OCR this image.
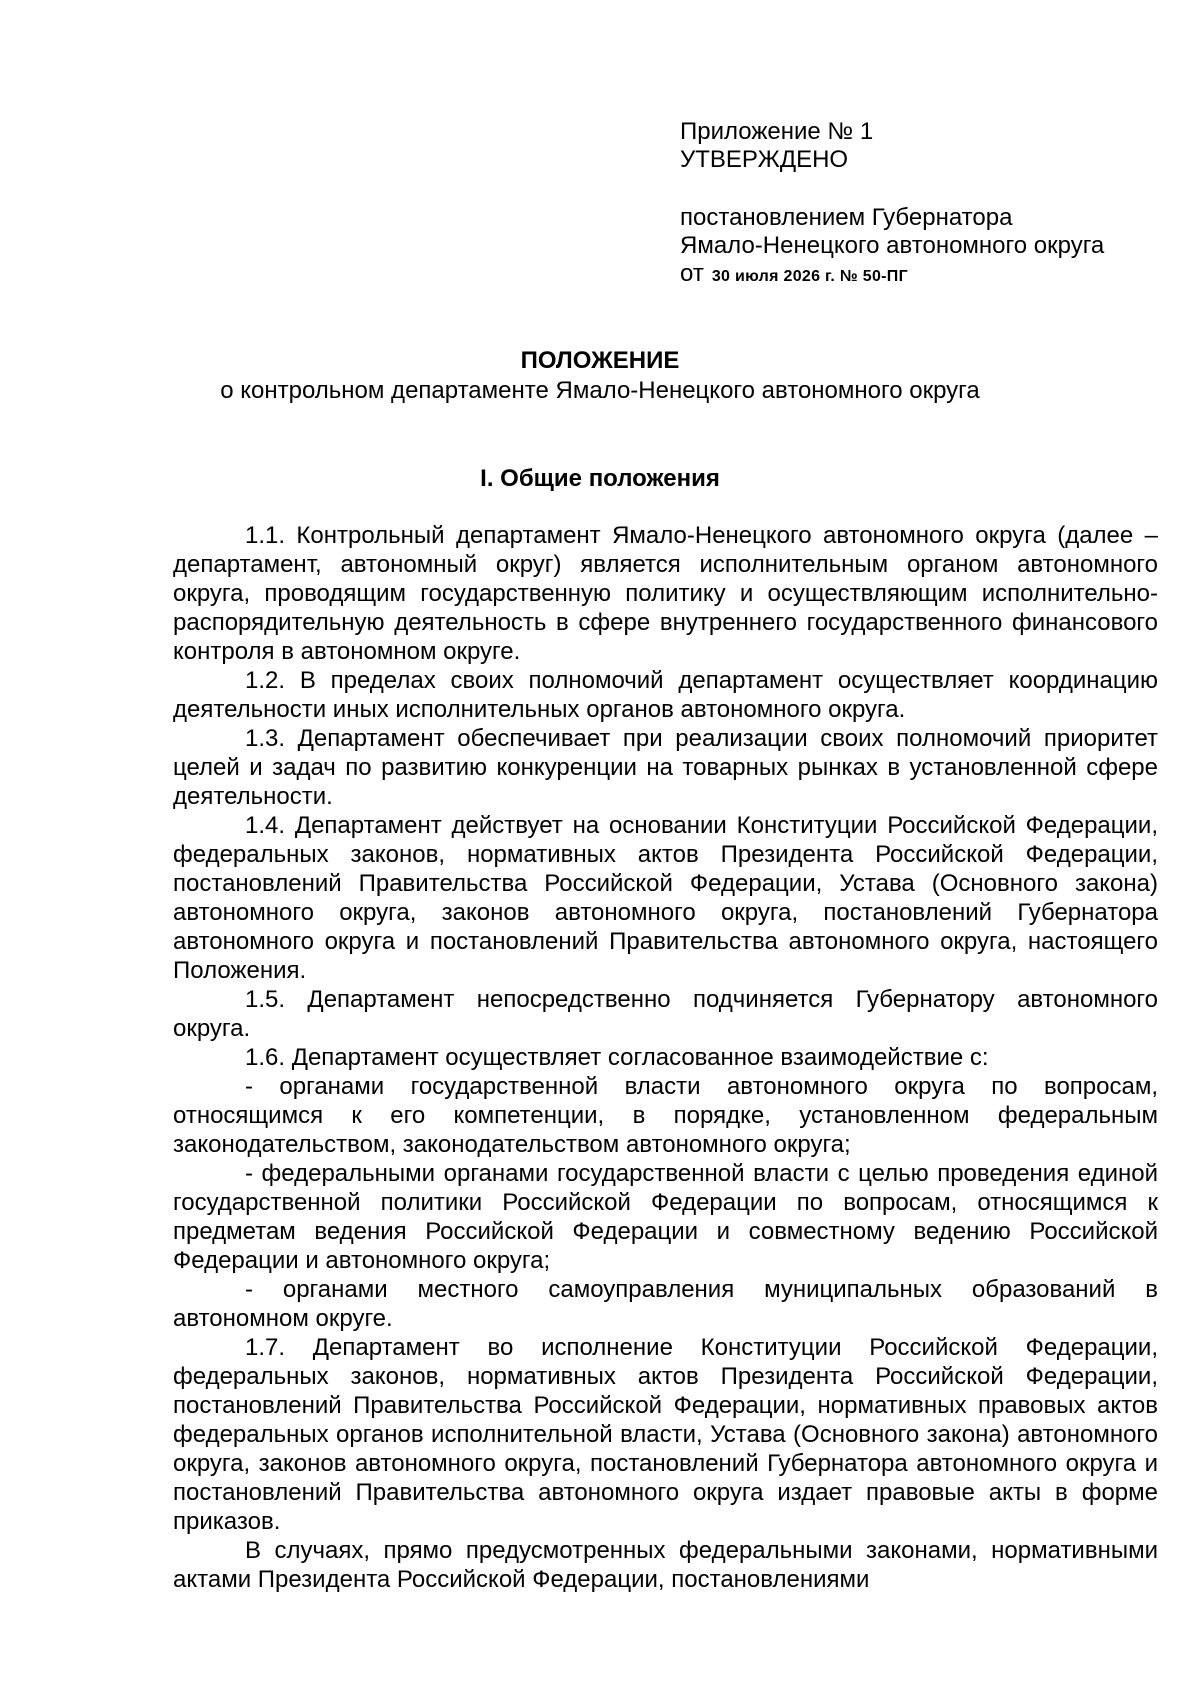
Приложение № 1
УТВЕРЖДЕНО
постановлением Губернатора
Ямало-Ненецкого автономного округа
от 30 июля 2026 г. № 50-ПГ
ПОЛОЖЕНИЕ
о контрольном департаменте Ямало-Ненецкого автономного округа
I. Общие положения

1.1. Контрольный департамент Ямало-Ненецкого автономного округа (далее – департамент, автономный округ) является исполнительным органом автономного округа, проводящим государственную политику и осуществляющим исполнительно-распорядительную деятельность в сфере внутреннего государственного финансового контроля в автономном округе.

1.2. В пределах своих полномочий департамент осуществляет координацию деятельности иных исполнительных органов автономного округа.

1.3. Департамент обеспечивает при реализации своих полномочий приоритет целей и задач по развитию конкуренции на товарных рынках в установленной сфере деятельности.

1.4. Департамент действует на основании Конституции Российской Федерации, федеральных законов, нормативных актов Президента Российской Федерации, постановлений Правительства Российской Федерации, Устава (Основного закона) автономного округа, законов автономного округа, постановлений Губернатора автономного округа и постановлений Правительства автономного округа, настоящего Положения.

1.5. Департамент непосредственно подчиняется Губернатору автономного округа.

1.6. Департамент осуществляет согласованное взаимодействие с:

- органами государственной власти автономного округа по вопросам, относящимся к его компетенции, в порядке, установленном федеральным законодательством, законодательством автономного округа;

- федеральными органами государственной власти с целью проведения единой государственной политики Российской Федерации по вопросам, относящимся к предметам ведения Российской Федерации и совместному ведению Российской Федерации и автономного округа;

- органами местного самоуправления муниципальных образований в автономном округе.

1.7. Департамент во исполнение Конституции Российской Федерации, федеральных законов, нормативных актов Президента Российской Федерации, постановлений Правительства Российской Федерации, нормативных правовых актов федеральных органов исполнительной власти, Устава (Основного закона) автономного округа, законов автономного округа, постановлений Губернатора автономного округа и постановлений Правительства автономного округа издает правовые акты в форме приказов.

В случаях, прямо предусмотренных федеральными законами, нормативными актами Президента Российской Федерации, постановлениями
